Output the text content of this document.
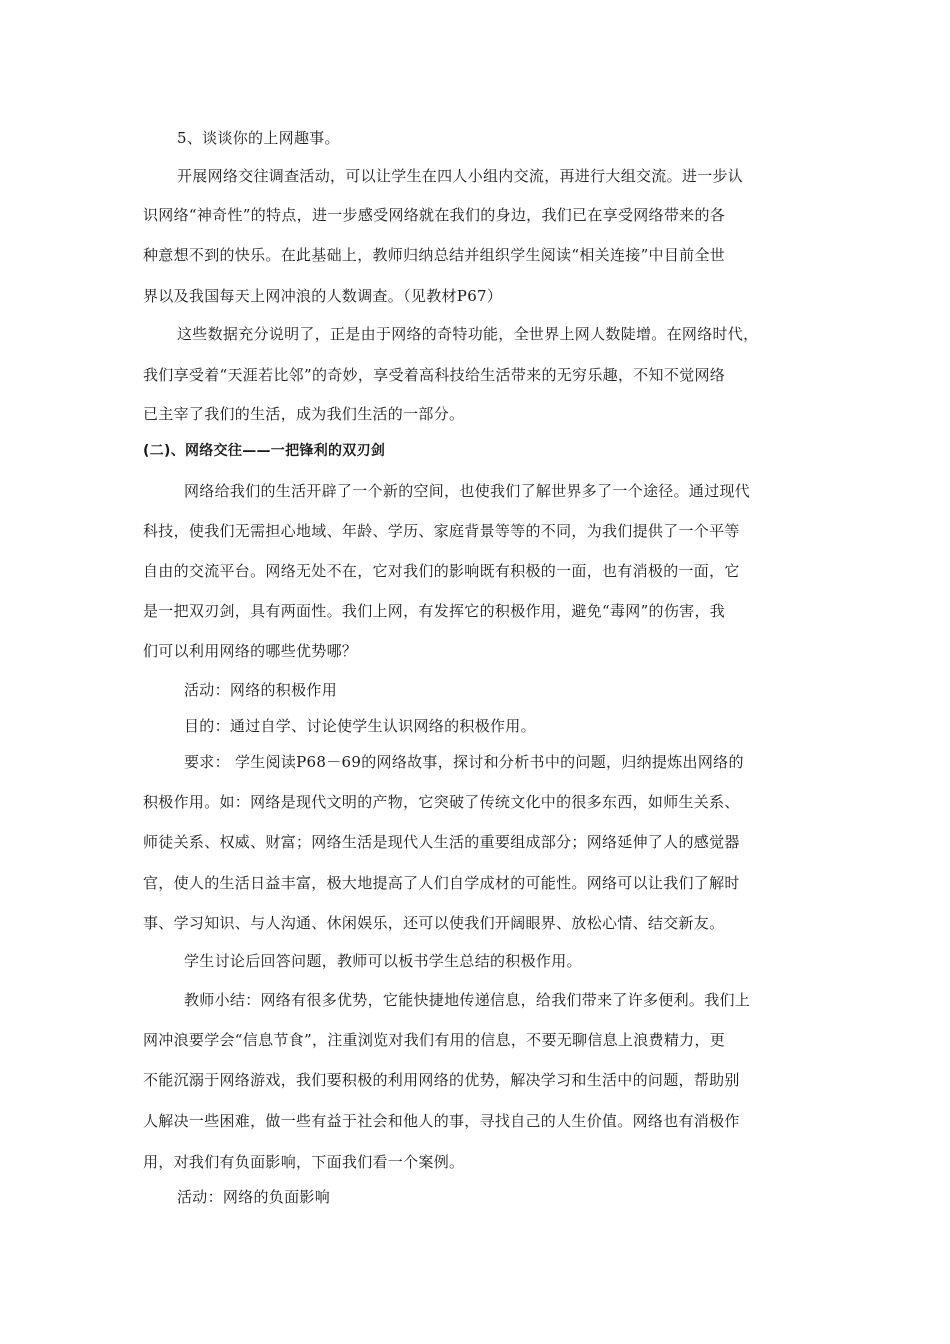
5、谈谈你的上网趣事。
开展网络交往调查活动，可以让学生在四人小组内交流，再进行大组交流。进一步认
识网络“神奇性”的特点，进一步感受网络就在我们的身边，我们已在享受网络带来的各
种意想不到的快乐。在此基础上，教师归纳总结并组织学生阅读“相关连接”中目前全世
界以及我国每天上网冲浪的人数调查。（见教材P67）
这些数据充分说明了，正是由于网络的奇特功能，全世界上网人数陡增。在网络时代，
我们享受着“天涯若比邻”的奇妙，享受着高科技给生活带来的无穷乐趣，不知不觉网络
已主宰了我们的生活，成为我们生活的一部分。
(二)、网络交往——一把锋利的双刃剑
网络给我们的生活开辟了一个新的空间，也使我们了解世界多了一个途径。通过现代
科技，使我们无需担心地域、年龄、学历、家庭背景等等的不同，为我们提供了一个平等
自由的交流平台。网络无处不在，它对我们的影响既有积极的一面，也有消极的一面，它
是一把双刃剑，具有两面性。我们上网，有发挥它的积极作用，避免“毒网”的伤害，我
们可以利用网络的哪些优势哪？
活动：网络的积极作用
目的：通过自学、讨论使学生认识网络的积极作用。
要求： 学生阅读P68－69的网络故事，探讨和分析书中的问题，归纳提炼出网络的
积极作用。如：网络是现代文明的产物，它突破了传统文化中的很多东西，如师生关系、
师徒关系、权威、财富；网络生活是现代人生活的重要组成部分；网络延伸了人的感觉器
官，使人的生活日益丰富，极大地提高了人们自学成材的可能性。网络可以让我们了解时
事、学习知识、与人沟通、休闲娱乐，还可以使我们开阔眼界、放松心情、结交新友。
学生讨论后回答问题，教师可以板书学生总结的积极作用。
教师小结：网络有很多优势，它能快捷地传递信息，给我们带来了许多便利。我们上
网冲浪要学会“信息节食”，注重浏览对我们有用的信息，不要无聊信息上浪费精力，更
不能沉溺于网络游戏，我们要积极的利用网络的优势，解决学习和生活中的问题，帮助别
人解决一些困难，做一些有益于社会和他人的事，寻找自己的人生价值。网络也有消极作
用，对我们有负面影响，下面我们看一个案例。
活动：网络的负面影响
